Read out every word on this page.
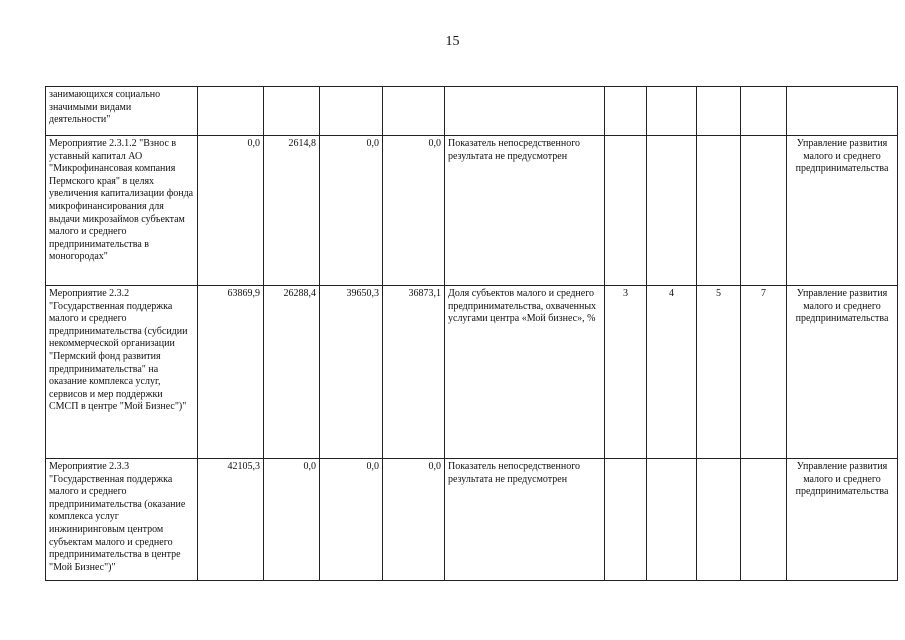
15
занимающихся социально значимыми видами деятельности"										
Мероприятие 2.3.1.2 "Взнос в уставный капитал АО "Микрофинансовая компания Пермского края" в целях увеличения капитализации фонда микрофинансирования для выдачи микрозаймов субъектам малого и среднего предпринимательства в моногородах"	0,0	2614,8	0,0	0,0	Показатель непосредственного результата не предусмотрен					Управление развития малого и среднего предпринимательства
Мероприятие 2.3.2 "Государственная поддержка малого и среднего предпринимательства (субсидии некоммерческой организации "Пермский фонд развития предпринимательства" на оказание комплекса услуг, сервисов и мер поддержки СМСП в центре "Мой Бизнес")"	63869,9	26288,4	39650,3	36873,1	Доля субъектов малого и среднего предпринимательства, охваченных услугами центра «Мой бизнес», %	3	4	5	7	Управление развития малого и среднего предпринимательства
Мероприятие 2.3.3 "Государственная поддержка малого и среднего предпринимательства (оказание комплекса услуг инжиниринговым центром субъектам малого и среднего предпринимательства в центре "Мой Бизнес")"	42105,3	0,0	0,0	0,0	Показатель непосредственного результата не предусмотрен					Управление развития малого и среднего предпринимательства
